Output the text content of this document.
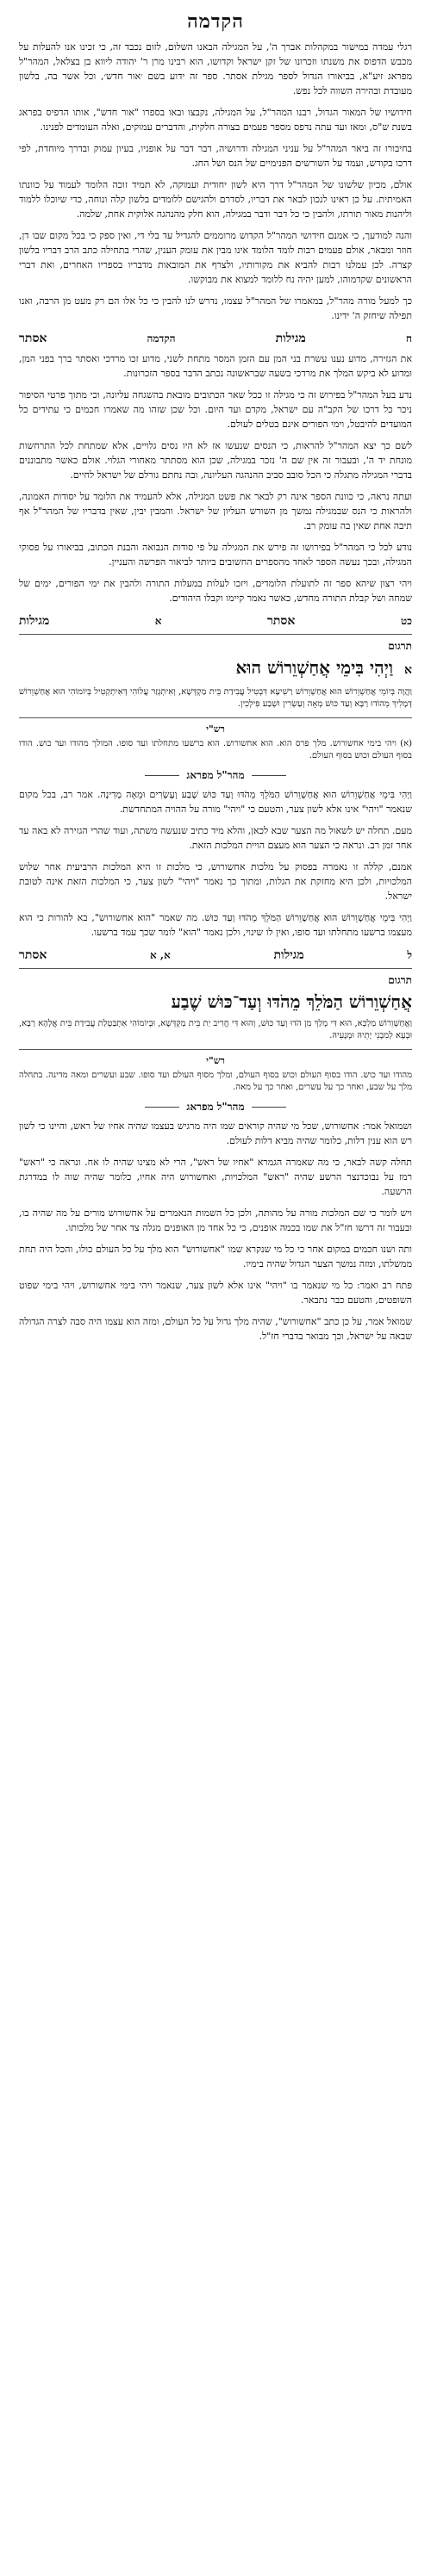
הקדמה

רגלי עמדה במישור במקהלות אברך ה', על המגילה הבאנו השלום, לזום נכבד זה, כי זכינו אנו להעלות על מכבש הדפוס את משנתו וזכרונו של זקן ישראל וקדושו, הוא רבינו מרן ר' יהודה ליווא בן בצלאל, המהר"ל מפראג זיע"א, בביאורו הגדול לספר מגילת אסתר. ספר זה ידוע בשם ׳אור חדש׳, וכל אשר בה, בלשון מעובדת ובהירה השווה לכל נפש.

חידושיו של המאור הגדול, רבנו המהר"ל, על המגילה, נקבצו ובאו בספרו "אור חדש", אותו הדפיס בפראג בשנת ש"ס, ומאז ועד עתה נדפס מספר פעמים בצורה חלקית, והדברים עמוקים, ואלה העומדים לפנינו.

בחיבורו זה ביאר המהר"ל על עניני המגילה ודרושיה, דבר דבר על אופניו, בעיון עמוק ובדרך מיוחדת, לפי דרכו בקודש, ועמד על השורשים הפנימיים של הנס ושל החג.

אולם, מכיון שלשונו של המהר"ל דרך היא לשון יחודית ועמוקה, לא תמיד זוכה הלומד לעמוד על כוונתו האמיתית. על כן ראינו לנכון לבאר את דבריו, לסדרם ולהגישם ללומדים בלשון קלה ונוחה, כדי שיוכלו ללמוד וליהנות מאור תורתו, ולהבין כי כל דבר ודבר במגילה, הוא חלק מהנהגה אלוקית אחת, שלמה.

והנה למודעך, כי אמנם חידושי המהר"ל הקדוש מרוממים להגדיל עד בלי די, ואין ספק כי בכל מקום שבו דן, חוזר ומבאר, אולם פעמים רבות לומד הלומד אינו מבין את עומק הענין, שהרי בתחילה כתב הרב דבריו בלשון קצרה. לכן עמלנו רבות להביא את מקורותיו, ולצרף את המובאות מדבריו בספריו האחרים, ואת דברי הראשונים שקדמוהו, למען יהיה נח ללומד למצוא את מבוקשו.

כך למעל מורה מהר"ל, במאמרו של המהר"ל עצמו, נדרש לנו להבין כי כל אלו הם רק מעט מן הרבה, ואנו תפילה שיחזק ה' ידינו.

ח
מגילות
הקדמה
אסתר

את הגזירה, מדוע נענו עשרת בני המן עם הזמן המסר מתחת לשני, מדוע זכו מרדכי ואסתר ברך בפני המן, ומדוע לא ביקש המלך את מרדכי בשעה שבראשונה נכתב הדבר בספר הזכרונות.

נדע בעל המהר"ל בפירוש זה כי מגילה זו ככל שאר הכתובים מובאת בהשגחה עליונה, וכי מתוך פרטי הסיפור ניכר כל דרכו של הקב"ה עם ישראל, מקדם ועד היום. וכל שכן שזהו מה שאמרו חכמים כי עתידים כל המועדים להיבטל, וימי הפורים אינם בטלים לעולם.

לשם כך יצא המהר"ל להראות, כי הנסים שנעשו אז לא היו נסים גלויים, אלא שמתחת לכל התרחשות מונחת יד ה', ובעבור זה אין שם ה' נזכר במגילה, שכן הוא מסתתר מאחורי הגלוי. אולם כאשר מתבוננים בדברי המגילה מתגלה כי הכל סובב סביב ההנהגה העליונה, ובה נחתם גורלם של ישראל לחיים.

ועתה נראה, כי כוונת הספר אינה רק לבאר את פשט המגילה, אלא להעמיד את הלומד על יסודות האמונה, ולהראות כי הנס שבמגילה נמשך מן השורש העליון של ישראל. והמבין יבין, שאין בדבריו של המהר"ל אף תיבה אחת שאין בה עומק רב.

נודע לכל כי המהר"ל בפירושו זה פירש את המגילה על פי סודות הנבואה והבנת הכתוב, בביאורו על פסוקי המגילה, ובכך נעשה הספר לאחד מהספרים החשובים ביותר לביאור הפרשה והעניין.

ויהי רצון שיהא ספר זה לתועלת הלומדים, ויזכו לעלות במעלות התורה ולהבין את ימי הפורים, ימים של שמחה ושל קבלת התורה מחדש, כאשר נאמר קיימו וקבלו היהודים.

כט
אסתר
א
מגילות
תרגום
א וַיְהִי בִּימֵי אֲחַשְׁוֵרוֹשׁ הוּא

וַהֲוָה בְּיוֹמֵי אֲחַשְׁוֵרוֹשׁ הוּא אֲחַשְׁוֵרוֹשׁ רַשִׁיעָא דִּבְטִיל עֲבִידַת בֵּית מַקְדְּשָׁא, וְאִיתְגְּזַר עֲלוֹהִי דְּאִיתְקְטִיל בְּיוֹמוֹהִי הוּא אֲחַשְׁוֵרוֹשׁ דְּמָלִיךְ מֵהוֹדוּ רַבָּא וְעַד כּוּשׁ מְאָה וְעַשְׂרִין וּשְׁבַע פִּילְכִין.

רש"י

(א) ויהי בימי אחשורוש. מלך פרס הוא. הוא אחשורוש. הוא ברשעו מתחלתו ועד סופו. המולך מהודו ועד כוש. הודו בסוף העולם וכוש בסוף העולם.

מהר"ל מפראג

וַיְהִי בִּימֵי אֲחַשְׁוֵרוֹשׁ הוּא אֲחַשְׁוֵרוֹשׁ הַמֹּלֵךְ מֵהֹדּוּ וְעַד כּוּשׁ שֶׁבַע וְעֶשְׂרִים וּמֵאָה מְדִינָה. אמר רב, בכל מקום שנאמר "ויהי" אינו אלא לשון צער, והטעם כי "ויהי" מורה על ההויה המתחדשת.

מעם. תחלה יש לשאול מה הצער שבא לכאן, והלא מיד כתיב שנעשה משתה, ועוד שהרי הגזירה לא באה עד אחר זמן רב. ונראה כי הצער הוא מעצם הויית המלכות הזאת.

אמנם, קללה זו נאמרה בפסוק על מלכות אחשורוש, כי מלכות זו היא המלכות הרביעית אחר שלוש המלכויות, ולכן היא מחזקת את הגלות, ומתוך כך נאמר "ויהי" לשון צער, כי המלכות הזאת אינה לטובת ישראל.

וַיְהִי בִּימֵי אֲחַשְׁוֵרוֹשׁ הוּא אֲחַשְׁוֵרוֹשׁ הַמֹּלֵךְ מֵהֹדּוּ וְעַד כּוּשׁ. מה שאמר "הוא אחשורוש", בא להורות כי הוא מעצמו ברשעו מתחלתו ועד סופו, ואין לו שינוי, ולכן נאמר "הוא" לומר שכך עמד ברשעו.

ל
מגילות
א, א
אסתר
תרגום
אֲחַשְׁוֵרוֹשׁ הַמֹּלֵךְ מֵהֹדּוּ וְעַד־כּוּשׁ שֶׁבַע

וַאֲחַשְׁוֵרוֹשׁ מַלְכָּא, הוּא דִּי מְלַךְ מִן הֹדוּ וְעַד כּוּשׁ, וְהוּא דִּי חֲרִיב יַת בֵּית מַקְדְּשָׁא, וּבְיוֹמוֹהִי אִתְבַּטְלַת עֲבִידַת בֵּית אֱלָהָא רַבָּא, וּבְעָא לְמִבְנֵי יָתֵיהּ וּמְנָעֵיהּ.

רש"י

מהודו ועד כוש. הודו בסוף העולם וכוש בסוף העולם, ומלך מסוף העולם ועד סופו. שבע ועשרים ומאה מדינה. בתחלה מלך על שבע, ואחר כך על עשרים, ואחר כך על מאה.

מהר"ל מפראג

ושמואל אמר: אחשורוש, שכל מי שהיה קוראים שמו היה מרגיש בעצמו שהיה אחיו של ראש, והיינו כי לשון רש הוא ענין דלות, כלומר שהיה מביא דלות לעולם.

תחלה קשה לבאר, כי מה שאמרה הגמרא "אחיו של ראש", הרי לא מצינו שהיה לו אח. ונראה כי "ראש" רמז על נבוכדנצר הרשע שהיה "ראש" המלכויות, ואחשורוש היה אחיו, כלומר שהיה שוה לו במדרגת הרשעה.

ויש לומר כי שם המלכות מורה על מהותה, ולכן כל השמות הנאמרים על אחשורוש מורים על מה שהיה בו, ובעבור זה דרשו חז"ל את שמו בכמה אופנים, כי כל אחד מן האופנים מגלה צד אחר של מלכותו.

ותה ושנו חכמים במקום אחר כי כל מי שנקרא שמו "אחשורוש" הוא מלך על כל העולם כולו, והכל היה תחת ממשלתו, ומזה נמשך הצער הגדול שהיה בימיו.

פתח רב ואמר: כל מי שנאמר בו "ויהי" אינו אלא לשון צער, שנאמר ויהי בימי אחשורוש, ויהי בימי שפוט השופטים, והטעם כבר נתבאר.

שמואל אמר, על כן כתב "אחשורוש", שהיה מלך גדול על כל העולם, ומזה הוא עצמו היה סבה לצרה הגדולה שבאה על ישראל, וכך מבואר בדברי חז"ל.
